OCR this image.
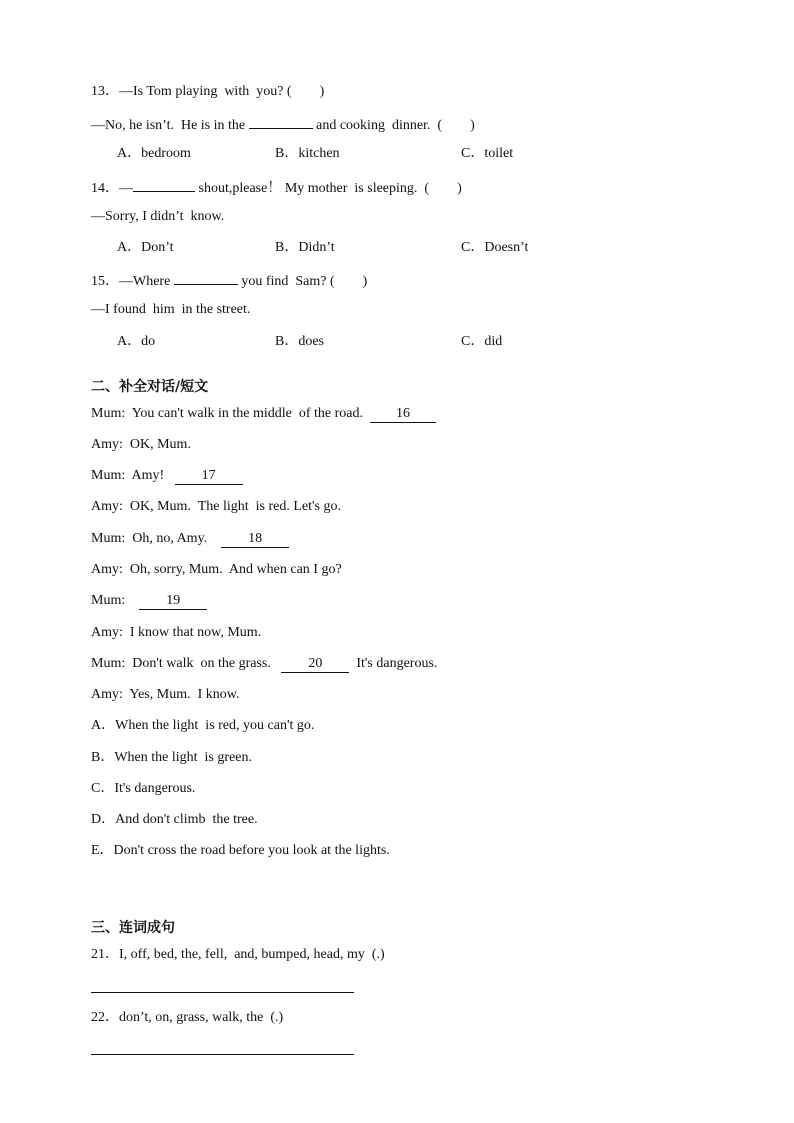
13．—Is Tom playing  with  you? (        )
—No, he isn’t.  He is in the	and cooking  dinner.  (        )
A．bedroom	B．kitchen	C．toilet
14．—	shout,please！ My mother  is sleeping.  (        )
—Sorry, I didn’t  know.
A．Don’t	B．Didn’t	C．Doesn’t
15．—Where	you find  Sam? (        )
—I found  him  in the street.
A．do	B．does	C．did
二、补全对话/短文
Mum:  You can't walk in the middle  of the road.  16
Amy:  OK, Mum.
Mum:  Amy!   17
Amy:  OK, Mum.  The light  is red. Let's go.
Mum:  Oh, no, Amy.    18
Amy:  Oh, sorry, Mum.  And when can I go?
Mum:    19
Amy:  I know that now, Mum.
Mum:  Don't walk  on the grass.   20  It's dangerous.
Amy:  Yes, Mum.  I know.
A．When the light  is red, you can't go.
B．When the light  is green.
C．It's dangerous.
D．And don't climb  the tree.
E．Don't cross the road before you look at the lights.
三、连词成句
21．I, off, bed, the, fell,  and, bumped, head, my  (.)
22．don’t, on, grass, walk, the  (.)
